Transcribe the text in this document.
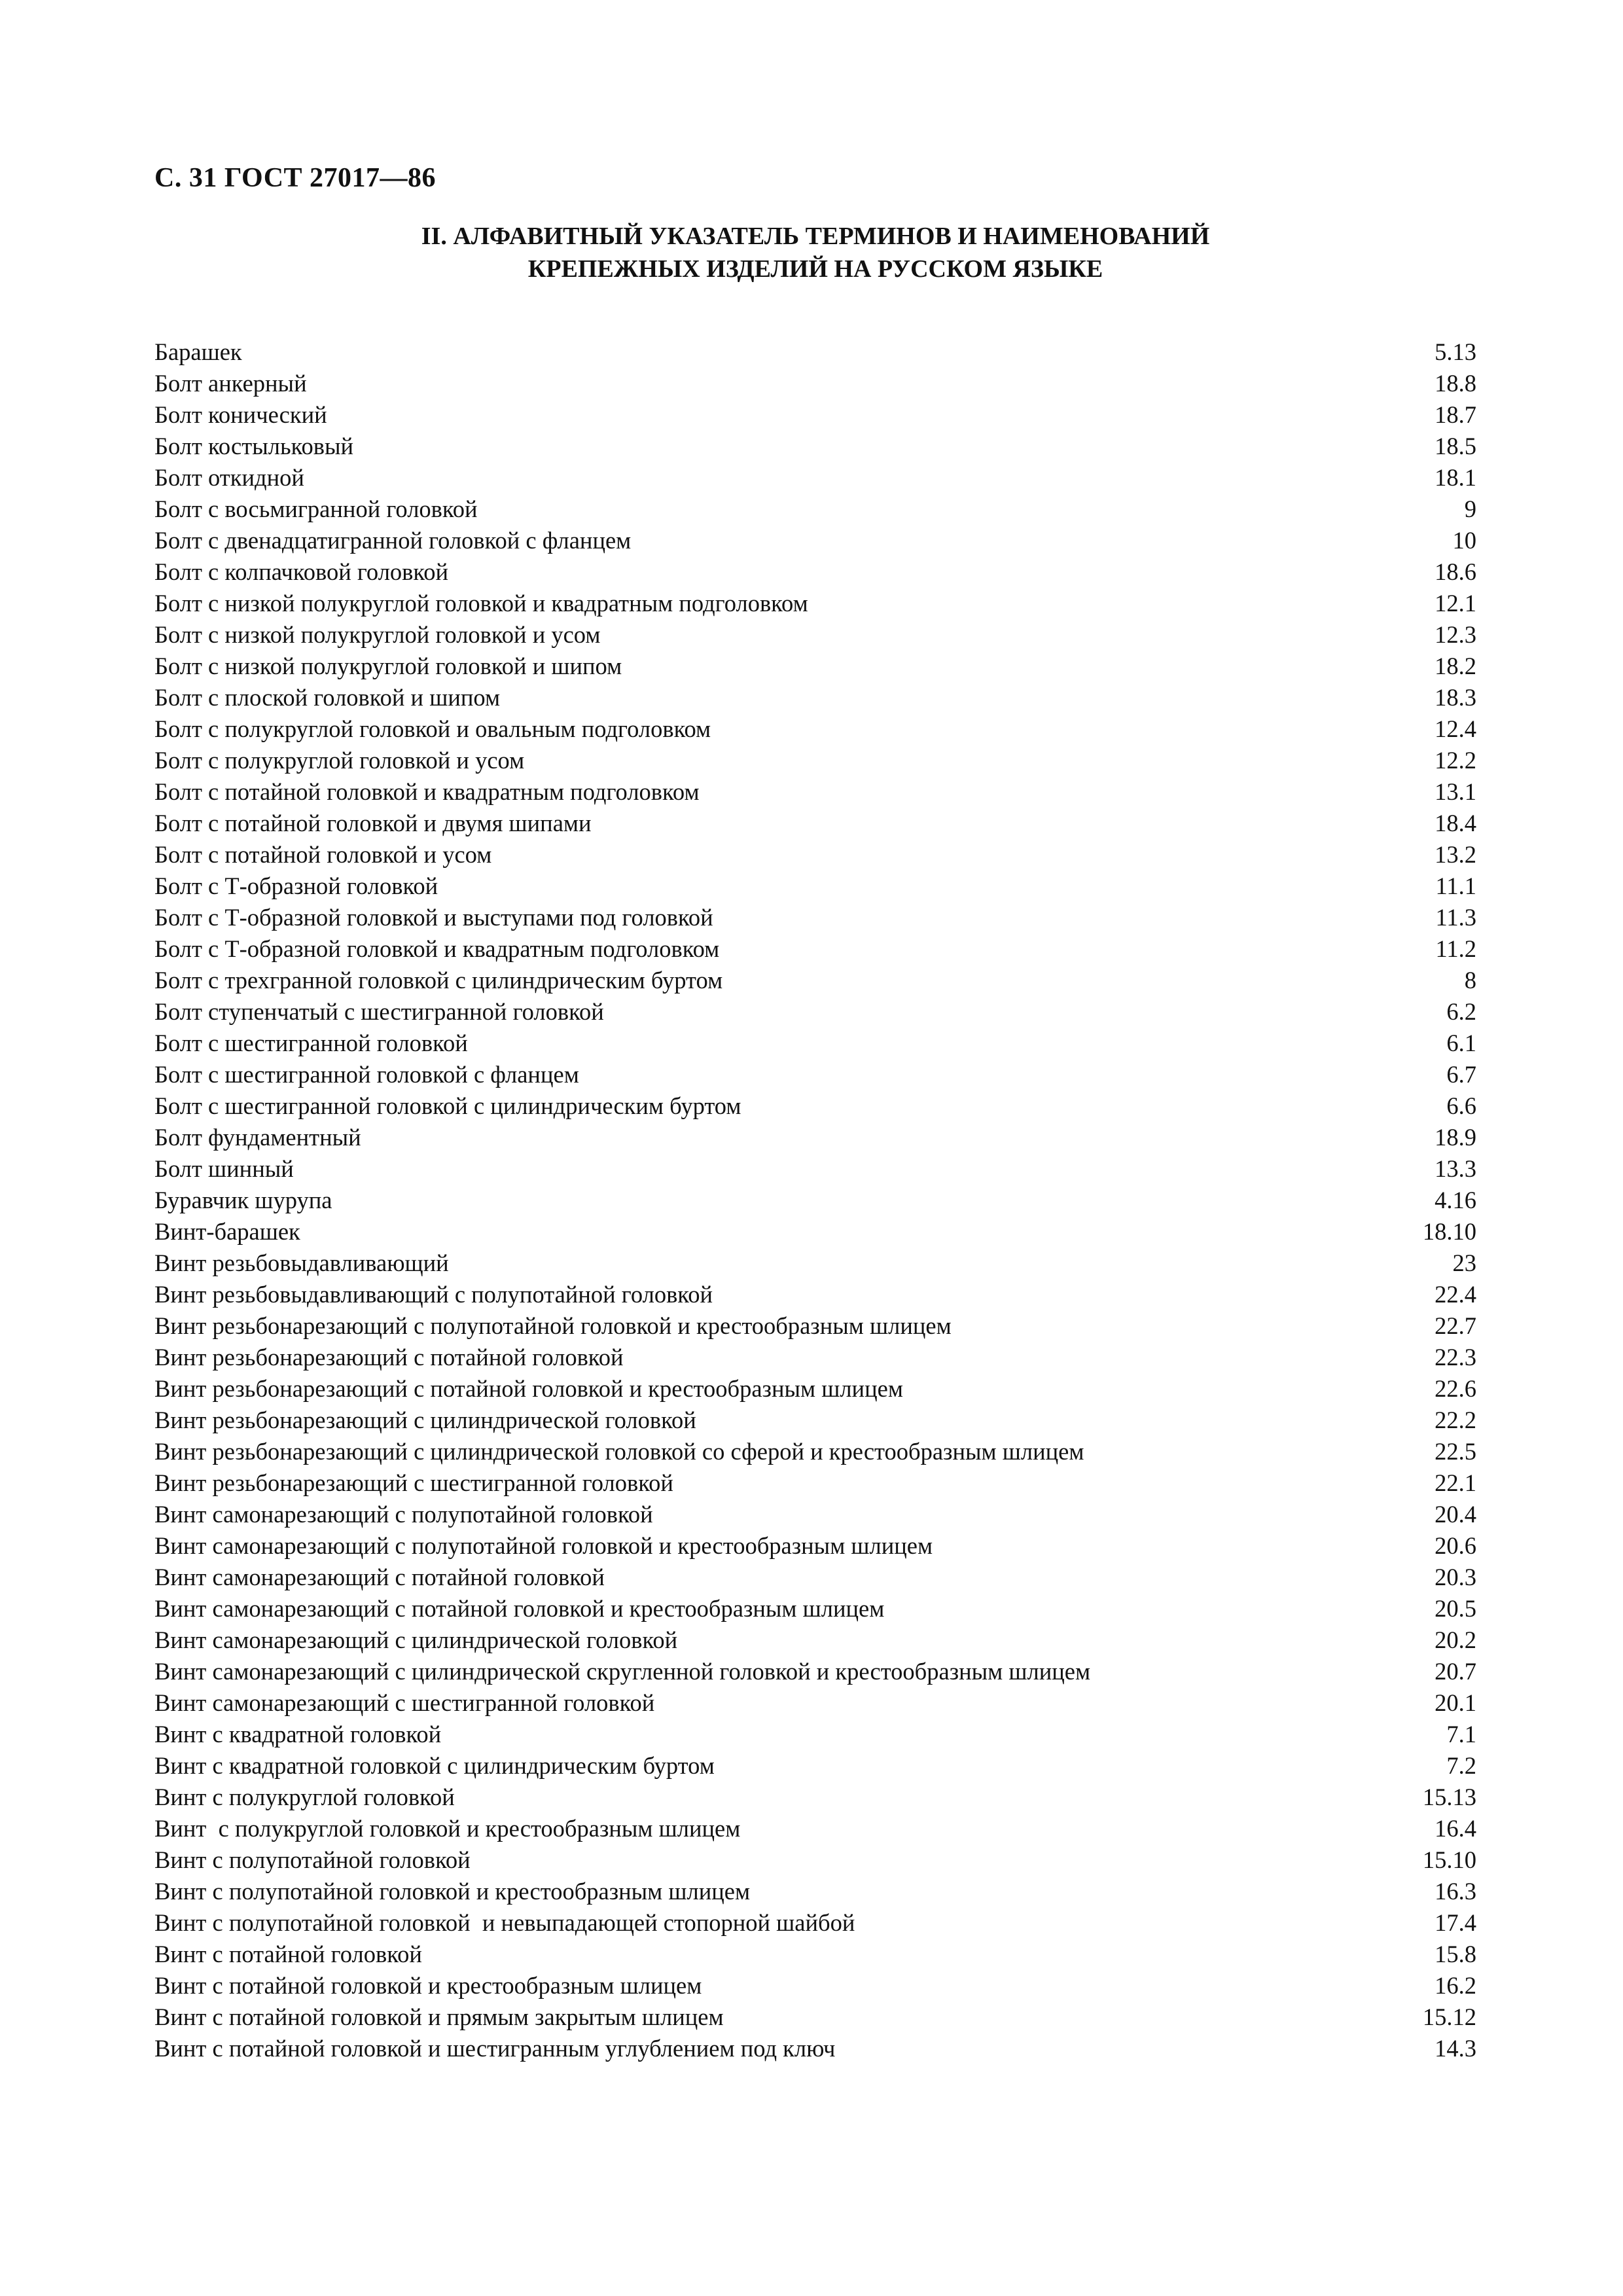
С. 31 ГОСТ 27017—86
II. АЛФАВИТНЫЙ УКАЗАТЕЛЬ ТЕРМИНОВ И НАИМЕНОВАНИЙ
КРЕПЕЖНЫХ ИЗДЕЛИЙ НА РУССКОМ ЯЗЫКЕ
Барашек	5.13
Болт анкерный	18.8
Болт конический	18.7
Болт костыльковый	18.5
Болт откидной	18.1
Болт с восьмигранной головкой	9
Болт с двенадцатигранной головкой с фланцем	10
Болт с колпачковой головкой	18.6
Болт с низкой полукруглой головкой и квадратным подголовком	12.1
Болт с низкой полукруглой головкой и усом	12.3
Болт с низкой полукруглой головкой и шипом	18.2
Болт с плоской головкой и шипом	18.3
Болт с полукруглой головкой и овальным подголовком	12.4
Болт с полукруглой головкой и усом	12.2
Болт с потайной головкой и квадратным подголовком	13.1
Болт с потайной головкой и двумя шипами	18.4
Болт с потайной головкой и усом	13.2
Болт с Т-образной головкой	11.1
Болт с Т-образной головкой и выступами под головкой	11.3
Болт с Т-образной головкой и квадратным подголовком	11.2
Болт с трехгранной головкой с цилиндрическим буртом	8
Болт ступенчатый с шестигранной головкой	6.2
Болт с шестигранной головкой	6.1
Болт с шестигранной головкой с фланцем	6.7
Болт с шестигранной головкой с цилиндрическим буртом	6.6
Болт фундаментный	18.9
Болт шинный	13.3
Буравчик шурупа	4.16
Винт-барашек	18.10
Винт резьбовыдавливающий	23
Винт резьбовыдавливающий с полупотайной головкой	22.4
Винт резьбонарезающий с полупотайной головкой и крестообразным шлицем	22.7
Винт резьбонарезающий с потайной головкой	22.3
Винт резьбонарезающий с потайной головкой и крестообразным шлицем	22.6
Винт резьбонарезающий с цилиндрической головкой	22.2
Винт резьбонарезающий с цилиндрической головкой со сферой и крестообразным шлицем	22.5
Винт резьбонарезающий с шестигранной головкой	22.1
Винт самонарезающий с полупотайной головкой	20.4
Винт самонарезающий с полупотайной головкой и крестообразным шлицем	20.6
Винт самонарезающий с потайной головкой	20.3
Винт самонарезающий с потайной головкой и крестообразным шлицем	20.5
Винт самонарезающий с цилиндрической головкой	20.2
Винт самонарезающий с цилиндрической скругленной головкой и крестообразным шлицем	20.7
Винт самонарезающий с шестигранной головкой	20.1
Винт с квадратной головкой	7.1
Винт с квадратной головкой с цилиндрическим буртом	7.2
Винт с полукруглой головкой	15.13
Винт  с полукруглой головкой и крестообразным шлицем	16.4
Винт с полупотайной головкой	15.10
Винт с полупотайной головкой и крестообразным шлицем	16.3
Винт с полупотайной головкой  и невыпадающей стопорной шайбой	17.4
Винт с потайной головкой	15.8
Винт с потайной головкой и крестообразным шлицем	16.2
Винт с потайной головкой и прямым закрытым шлицем	15.12
Винт с потайной головкой и шестигранным углублением под ключ	14.3
